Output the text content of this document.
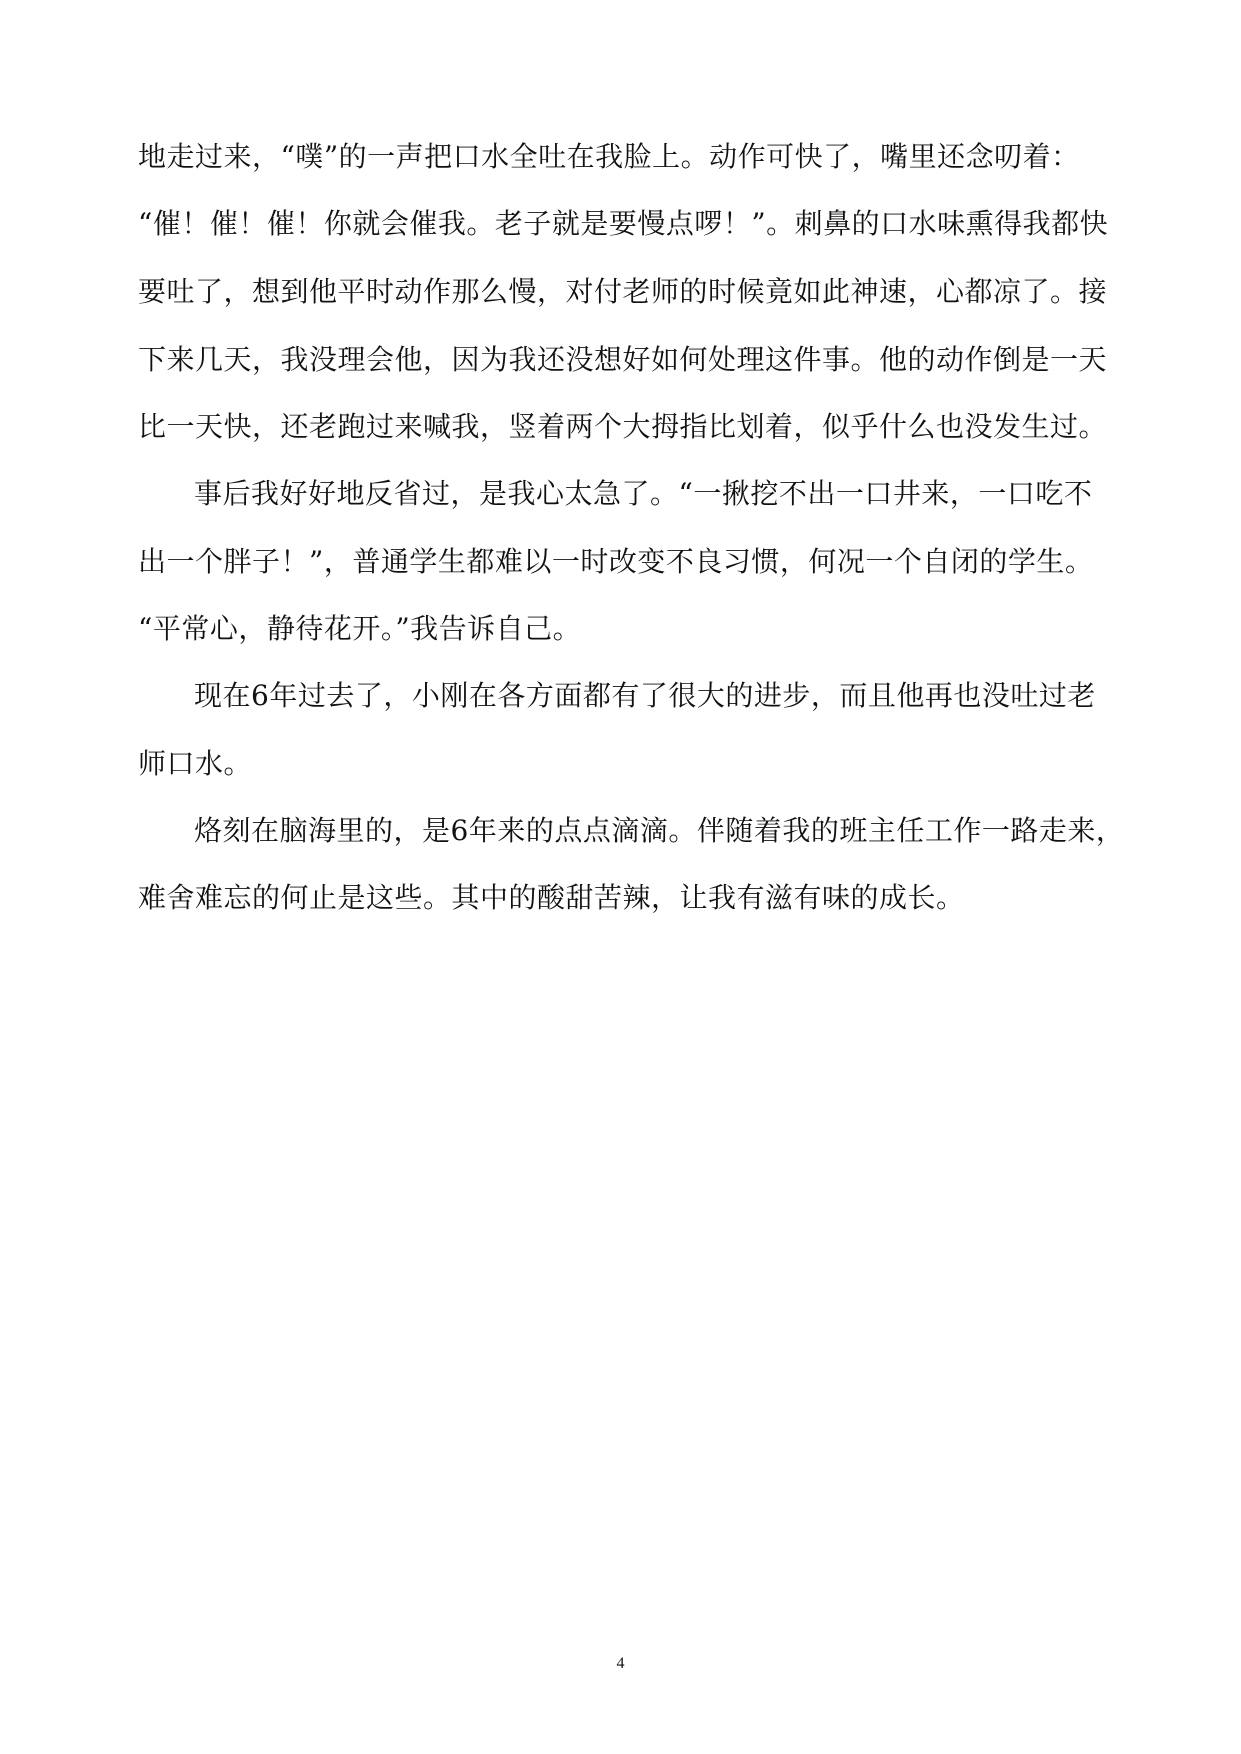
地走过来，“噗”的一声把口水全吐在我脸上。动作可快了，嘴里还念叨着：
“催！催！催！你就会催我。老子就是要慢点啰！”。刺鼻的口水味熏得我都快
要吐了，想到他平时动作那么慢，对付老师的时候竟如此神速，心都凉了。接
下来几天，我没理会他，因为我还没想好如何处理这件事。他的动作倒是一天
比一天快，还老跑过来喊我，竖着两个大拇指比划着，似乎什么也没发生过。
事后我好好地反省过，是我心太急了。“一揪挖不出一口井来，一口吃不
出一个胖子！”，普通学生都难以一时改变不良习惯，何况一个自闭的学生。
“平常心，静待花开。”我告诉自己。
现在6年过去了，小刚在各方面都有了很大的进步，而且他再也没吐过老
师口水。
烙刻在脑海里的，是6年来的点点滴滴。伴随着我的班主任工作一路走来，
难舍难忘的何止是这些。其中的酸甜苦辣，让我有滋有味的成长。
4
